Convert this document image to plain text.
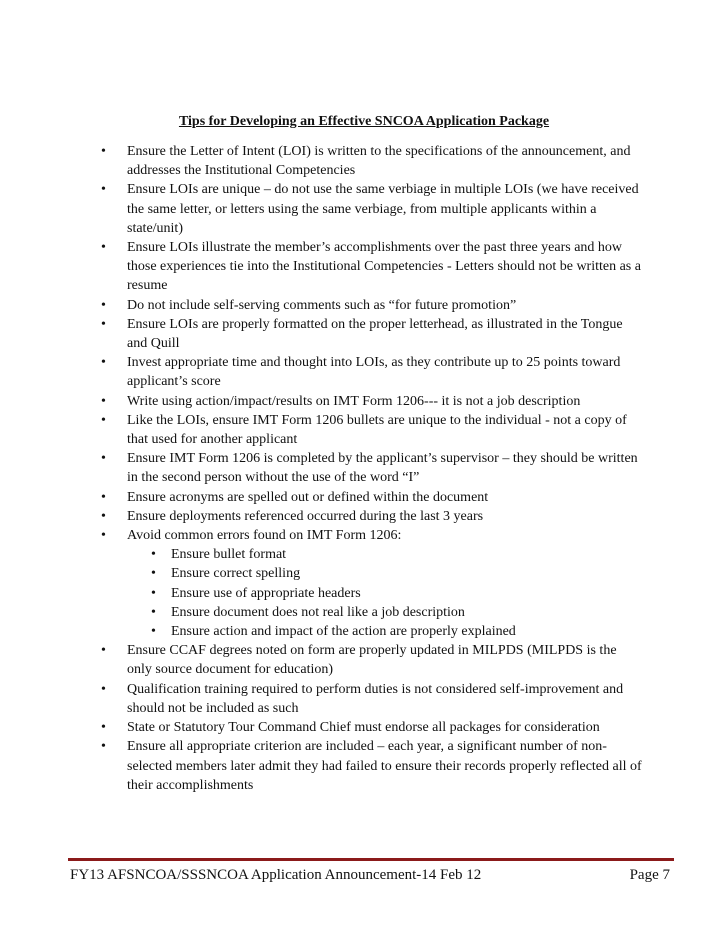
Tips for Developing an Effective SNCOA Application Package
• Ensure the Letter of Intent (LOI) is written to the specifications of the announcement, and addresses the Institutional Competencies
• Ensure LOIs are unique – do not use the same verbiage in multiple LOIs (we have received the same letter, or letters using the same verbiage, from multiple applicants within a state/unit)
• Ensure LOIs illustrate the member’s accomplishments over the past three years and how those experiences tie into the Institutional Competencies - Letters should not be written as a resume
• Do not include self-serving comments such as “for future promotion”
• Ensure LOIs are properly formatted on the proper letterhead, as illustrated in the Tongue and Quill
• Invest appropriate time and thought into LOIs, as they contribute up to 25 points toward applicant’s score
• Write using action/impact/results on IMT Form 1206--- it is not a job description
• Like the LOIs, ensure IMT Form 1206 bullets are unique to the individual - not a copy of that used for another applicant
• Ensure IMT Form 1206 is completed by the applicant’s supervisor – they should be written in the second person without the use of the word “I”
• Ensure acronyms are spelled out or defined within the document
• Ensure deployments referenced occurred during the last 3 years
• Avoid common errors found on IMT Form 1206:
• Ensure bullet format
• Ensure correct spelling
• Ensure use of appropriate headers
• Ensure document does not real like a job description
• Ensure action and impact of the action are properly explained
• Ensure CCAF degrees noted on form are properly updated in MILPDS (MILPDS is the only source document for education)
• Qualification training required to perform duties is not considered self-improvement and should not be included as such
• State or Statutory Tour Command Chief must endorse all packages for consideration
• Ensure all appropriate criterion are included – each year, a significant number of non-selected members later admit they had failed to ensure their records properly reflected all of their accomplishments
FY13 AFSNCOA/SSSNCOA Application Announcement-14 Feb 12	Page 7
